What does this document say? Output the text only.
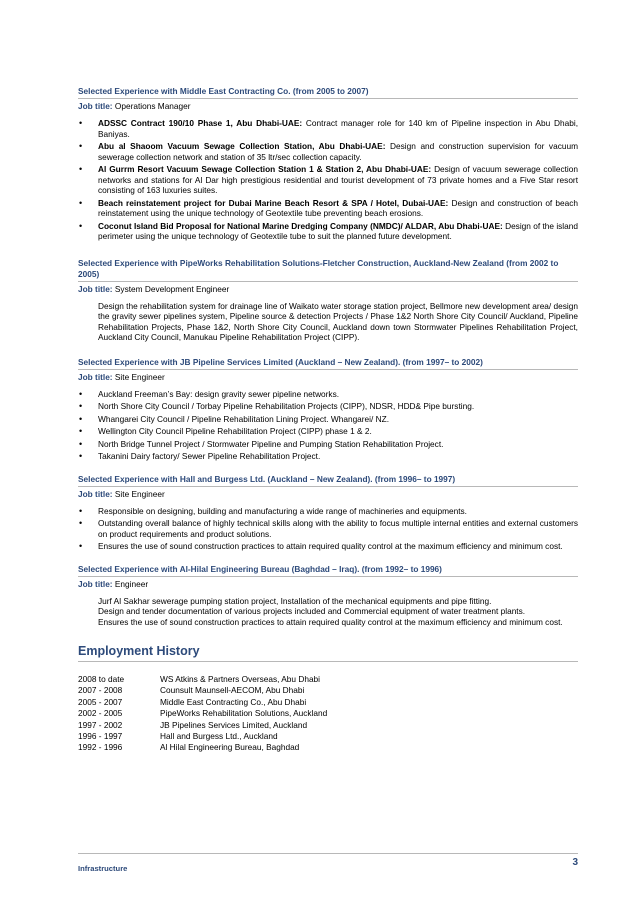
Selected Experience with Middle East Contracting Co. (from 2005 to 2007)
Job title: Operations Manager
• ADSSC Contract 190/10 Phase 1, Abu Dhabi-UAE: Contract manager role for 140 km of Pipeline inspection in Abu Dhabi, Baniyas.
• Abu al Shaoom Vacuum Sewage Collection Station, Abu Dhabi-UAE: Design and construction supervision for vacuum sewerage collection network and station of 35 ltr/sec collection capacity.
• Al Gurrm Resort Vacuum Sewage Collection Station 1 & Station 2, Abu Dhabi-UAE: Design of vacuum sewerage collection networks and stations for Al Dar high prestigious residential and tourist development of 73 private homes and a Five Star resort consisting of 163 luxuries suites.
• Beach reinstatement project for Dubai Marine Beach Resort & SPA / Hotel, Dubai-UAE: Design and construction of beach reinstatement using the unique technology of Geotextile tube preventing beach erosions.
• Coconut Island Bid Proposal for National Marine Dredging Company (NMDC)/ ALDAR, Abu Dhabi-UAE: Design of the island perimeter using the unique technology of Geotextile tube to suit the planned future development.
Selected Experience with PipeWorks Rehabilitation Solutions-Fletcher Construction, Auckland-New Zealand (from 2002 to 2005)
Job title: System Development Engineer
Design the rehabilitation system for drainage line of Waikato water storage station project, Bellmore new development area/ design the gravity sewer pipelines system, Pipeline source & detection Projects / Phase 1&2 North Shore City Council/ Auckland, Pipeline Rehabilitation Projects, Phase 1&2, North Shore City Council, Auckland down town Stormwater Pipelines Rehabilitation Project, Auckland City Council, Manukau Pipeline Rehabilitation Project (CIPP).
Selected Experience with JB Pipeline Services Limited (Auckland – New Zealand). (from 1997– to 2002)
Job title: Site Engineer
• Auckland Freeman’s Bay: design gravity sewer pipeline networks.
• North Shore City Council / Torbay Pipeline Rehabilitation Projects (CIPP), NDSR, HDD& Pipe bursting.
• Whangarei City Council / Pipeline Rehabilitation Lining Project. Whangarei/ NZ.
• Wellington City Council Pipeline Rehabilitation Project (CIPP) phase 1 & 2.
• North Bridge Tunnel Project / Stormwater Pipeline and Pumping Station Rehabilitation Project.
• Takanini Dairy factory/ Sewer Pipeline Rehabilitation Project.
Selected Experience with Hall and Burgess Ltd. (Auckland – New Zealand). (from 1996– to 1997)
Job title: Site Engineer
• Responsible on designing, building and manufacturing a wide range of machineries and equipments.
• Outstanding overall balance of highly technical skills along with the ability to focus multiple internal entities and external customers on product requirements and product solutions.
• Ensures the use of sound construction practices to attain required quality control at the maximum efficiency and minimum cost.
Selected Experience with Al-Hilal Engineering Bureau (Baghdad – Iraq). (from 1992– to 1996)
Job title: Engineer
Jurf Al Sakhar sewerage pumping station project, Installation of the mechanical equipments and pipe fitting.
Design and tender documentation of various projects included and Commercial equipment of water treatment plants.
Ensures the use of sound construction practices to attain required quality control at the maximum efficiency and minimum cost.
Employment History
2008 to date	WS Atkins & Partners Overseas, Abu Dhabi
2007 - 2008	Counsult Maunsell-AECOM, Abu Dhabi
2005 - 2007	Middle East Contracting Co., Abu Dhabi
2002 - 2005	PipeWorks Rehabilitation Solutions, Auckland
1997 - 2002	JB Pipelines Services Limited, Auckland
1996 - 1997	Hall and Burgess Ltd., Auckland
1992 - 1996	Al Hilal Engineering Bureau, Baghdad
Infrastructure
3
